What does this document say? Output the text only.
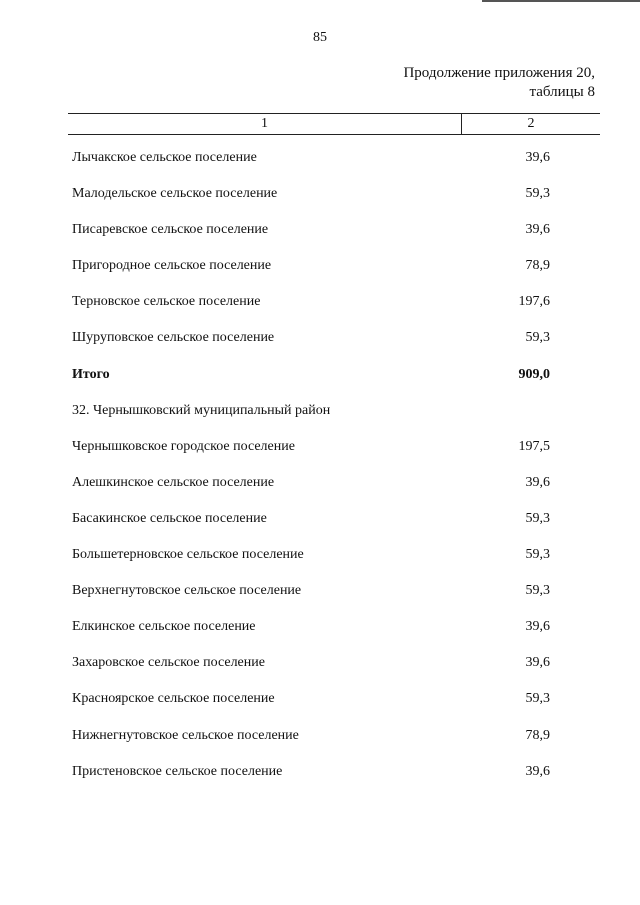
85
Продолжение приложения 20,
таблицы 8
1	2
Лычакское сельское поселение	39,6
Малодельское сельское поселение	59,3
Писаревское сельское поселение	39,6
Пригородное сельское поселение	78,9
Терновское сельское поселение	197,6
Шуруповское сельское поселение	59,3
Итого	909,0
32. Чернышковский муниципальный район
Чернышковское городское поселение	197,5
Алешкинское сельское поселение	39,6
Басакинское сельское поселение	59,3
Большетерновское сельское поселение	59,3
Верхнегнутовское сельское поселение	59,3
Елкинское сельское поселение	39,6
Захаровское сельское поселение	39,6
Красноярское сельское поселение	59,3
Нижнегнутовское сельское поселение	78,9
Пристеновское сельское поселение	39,6
